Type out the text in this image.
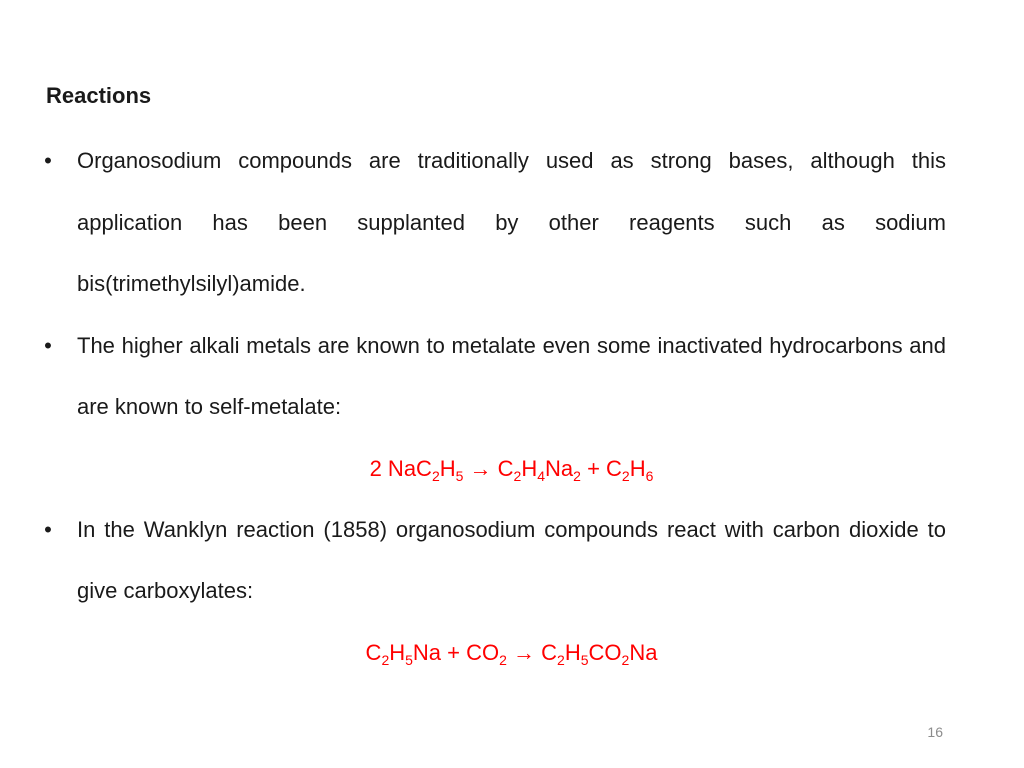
Reactions
• Organosodium compounds are traditionally used as strong bases, although this application has been supplanted by other reagents such as sodium bis(trimethylsilyl)amide.
• The higher alkali metals are known to metalate even some inactivated hydrocarbons and are known to self-metalate:
2 $NaC_2H_5 \to C_2H_4Na_2 + C_2H_6$
• In the Wanklyn reaction (1858) organosodium compounds react with carbon dioxide to give carboxylates:
$C_2H_5Na + CO_2 \to C_2H_5CO_2Na$
16
